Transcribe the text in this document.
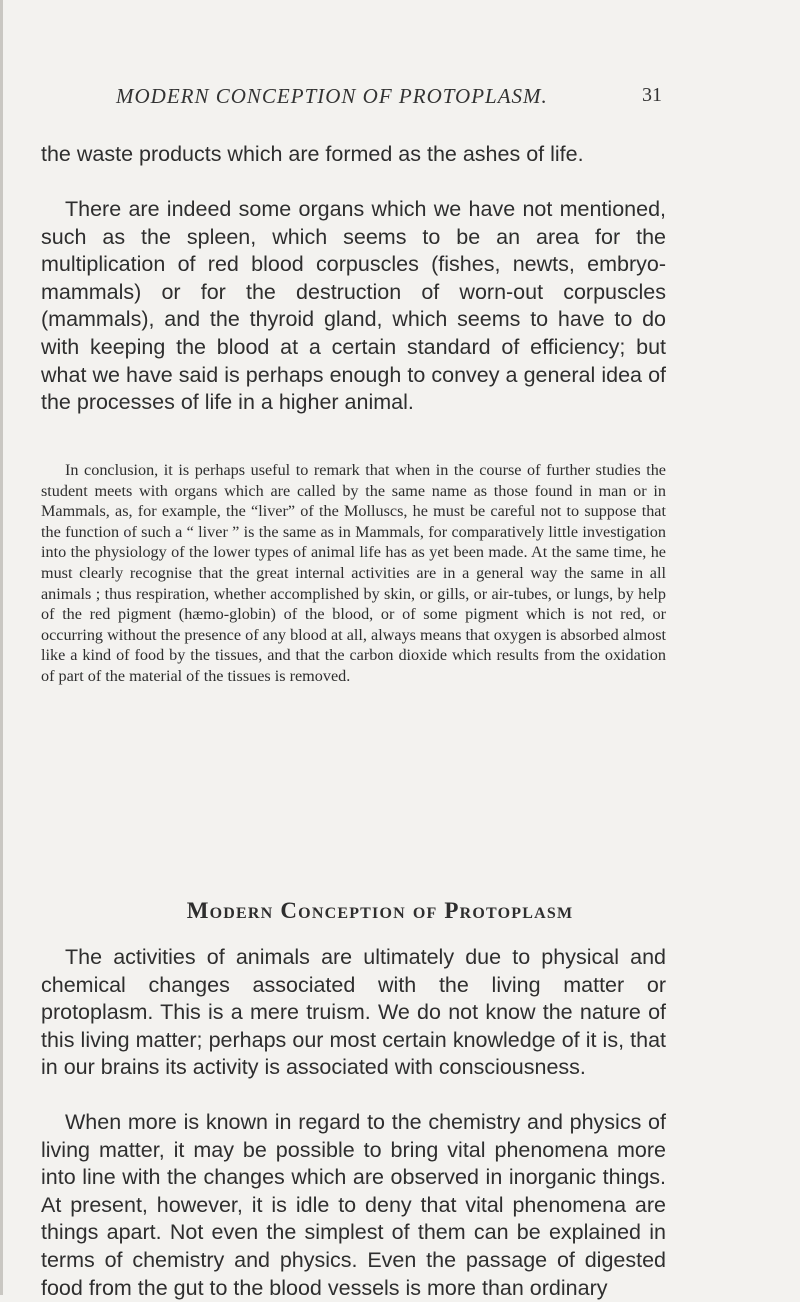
MODERN CONCEPTION OF PROTOPLASM.	31

the waste products which are formed as the ashes of life.

There are indeed some organs which we have not mentioned, such as the spleen, which seems to be an area for the multiplication of red blood corpuscles (fishes, newts, embryo-mammals) or for the destruction of worn-out corpuscles (mammals), and the thyroid gland, which seems to have to do with keeping the blood at a certain standard of efficiency; but what we have said is perhaps enough to convey a general idea of the processes of life in a higher animal.

In conclusion, it is perhaps useful to remark that when in the course of further studies the student meets with organs which are called by the same name as those found in man or in Mammals, as, for example, the “liver” of the Molluscs, he must be careful not to suppose that the function of such a “ liver ” is the same as in Mammals, for comparatively little investigation into the physiology of the lower types of animal life has as yet been made. At the same time, he must clearly recognise that the great internal activities are in a general way the same in all animals ; thus respiration, whether accomplished by skin, or gills, or air-tubes, or lungs, by help of the red pigment (hæmo-globin) of the blood, or of some pigment which is not red, or occurring without the presence of any blood at all, always means that oxygen is absorbed almost like a kind of food by the tissues, and that the carbon dioxide which results from the oxidation of part of the material of the tissues is removed.

Modern Conception of Protoplasm

The activities of animals are ultimately due to physical and chemical changes associated with the living matter or protoplasm. This is a mere truism. We do not know the nature of this living matter; perhaps our most certain knowledge of it is, that in our brains its activity is associated with consciousness.

When more is known in regard to the chemistry and physics of living matter, it may be possible to bring vital phenomena more into line with the changes which are observed in inorganic things. At present, however, it is idle to deny that vital phenomena are things apart. Not even the simplest of them can be explained in terms of chemistry and physics. Even the passage of digested food from the gut to the blood vessels is more than ordinary
